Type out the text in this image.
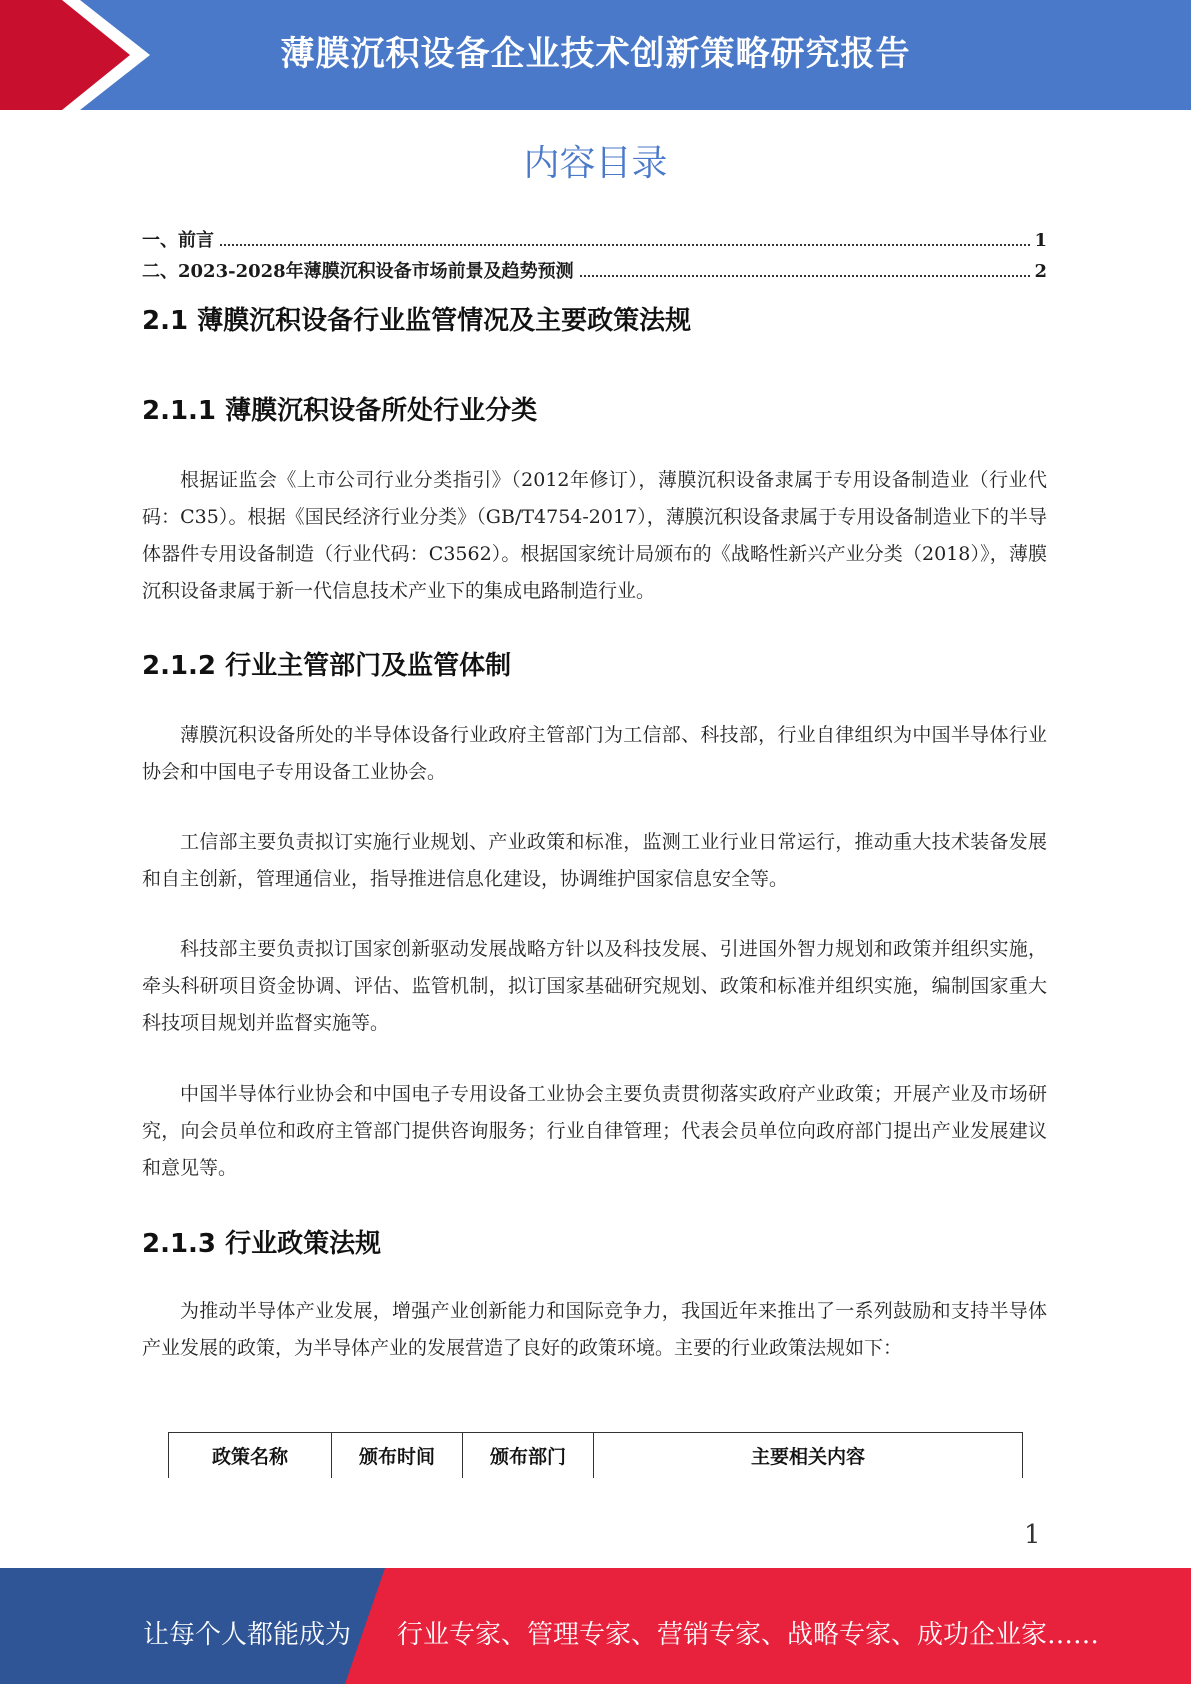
薄膜沉积设备企业技术创新策略研究报告
内容目录
一、前言	1
二、2023-2028年薄膜沉积设备市场前景及趋势预测	2
2.1 薄膜沉积设备行业监管情况及主要政策法规
2.1.1 薄膜沉积设备所处行业分类
根据证监会《上市公司行业分类指引》（2012年修订），薄膜沉积设备隶属于专用设备制造业（行业代码：C35）。根据《国民经济行业分类》（GB/T4754-2017），薄膜沉积设备隶属于专用设备制造业下的半导体器件专用设备制造（行业代码：C3562）。根据国家统计局颁布的《战略性新兴产业分类（2018）》，薄膜沉积设备隶属于新一代信息技术产业下的集成电路制造行业。
2.1.2 行业主管部门及监管体制
薄膜沉积设备所处的半导体设备行业政府主管部门为工信部、科技部，行业自律组织为中国半导体行业协会和中国电子专用设备工业协会。
工信部主要负责拟订实施行业规划、产业政策和标准，监测工业行业日常运行，推动重大技术装备发展和自主创新，管理通信业，指导推进信息化建设，协调维护国家信息安全等。
科技部主要负责拟订国家创新驱动发展战略方针以及科技发展、引进国外智力规划和政策并组织实施，牵头科研项目资金协调、评估、监管机制，拟订国家基础研究规划、政策和标准并组织实施，编制国家重大科技项目规划并监督实施等。
中国半导体行业协会和中国电子专用设备工业协会主要负责贯彻落实政府产业政策；开展产业及市场研究，向会员单位和政府主管部门提供咨询服务；行业自律管理；代表会员单位向政府部门提出产业发展建议和意见等。
2.1.3 行业政策法规
为推动半导体产业发展，增强产业创新能力和国际竞争力，我国近年来推出了一系列鼓励和支持半导体产业发展的政策，为半导体产业的发展营造了良好的政策环境。主要的行业政策法规如下：
政策名称	颁布时间	颁布部门	主要相关内容
1
让每个人都能成为 行业专家、管理专家、营销专家、战略专家、成功企业家……
